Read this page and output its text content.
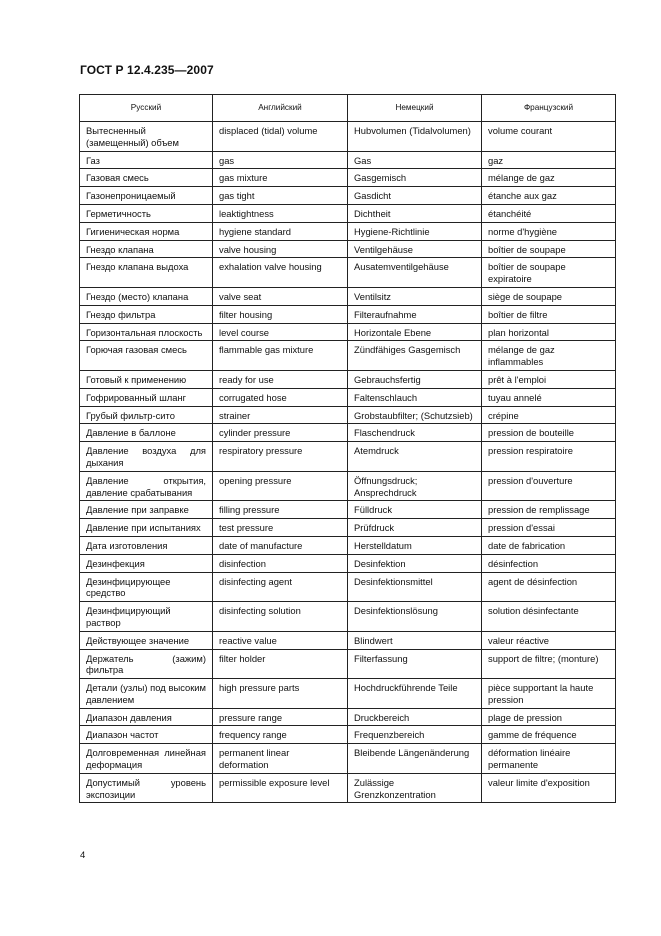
ГОСТ Р 12.4.235—2007
Русский	Английский	Немецкий	Французский
Вытесненный (замещенный) объем	displaced (tidal) volume	Hubvolumen (Tidalvolumen)	volume courant
Газ	gas	Gas	gaz
Газовая смесь	gas mixture	Gasgemisch	mélange de gaz
Газонепроницаемый	gas tight	Gasdicht	étanche aux gaz
Герметичность	leaktightness	Dichtheit	étanchéité
Гигиеническая норма	hygiene standard	Hygiene-Richtlinie	norme d'hygiène
Гнездо клапана	valve housing	Ventilgehäuse	boîtier de soupape
Гнездо клапана выдоха	exhalation valve housing	Ausatemventilgehäuse	boîtier de soupape expiratoire
Гнездо (место) клапана	valve seat	Ventilsitz	siège de soupape
Гнездо фильтра	filter housing	Filteraufnahme	boîtier de filtre
Горизонтальная плоскость	level course	Horizontale Ebene	plan horizontal
Горючая газовая смесь	flammable gas mixture	Zündfähiges Gasgemisch	mélange de gaz inflammables
Готовый к применению	ready for use	Gebrauchsfertig	prêt à l'emploi
Гофрированный шланг	corrugated hose	Faltenschlauch	tuyau annelé
Грубый фильтр-сито	strainer	Grobstaubfilter; (Schutzsieb)	crépine
Давление в баллоне	cylinder pressure	Flaschendruck	pression de bouteille
Давление воздуха для дыхания	respiratory pressure	Atemdruck	pression respiratoire
Давление открытия, давление срабатывания	opening pressure	Öffnungsdruck; Ansprechdruck	pression d'ouverture
Давление при заправке	filling pressure	Fülldruck	pression de remplissage
Давление при испытаниях	test pressure	Prüfdruck	pression d'essai
Дата изготовления	date of manufacture	Herstelldatum	date de fabrication
Дезинфекция	disinfection	Desinfektion	désinfection
Дезинфицирующее средство	disinfecting agent	Desinfektionsmittel	agent de désinfection
Дезинфицирующий раствор	disinfecting solution	Desinfektionslösung	solution désinfectante
Действующее значение	reactive value	Blindwert	valeur réactive
Держатель (зажим) фильтра	filter holder	Filterfassung	support de filtre; (monture)
Детали (узлы) под высоким давлением	high pressure parts	Hochdruckführende Teile	pièce supportant la haute pression
Диапазон давления	pressure range	Druckbereich	plage de pression
Диапазон частот	frequency range	Frequenzbereich	gamme de fréquence
Долговременная линейная деформация	permanent linear deformation	Bleibende Längenänderung	déformation linéaire permanente
Допустимый уровень экспозиции	permissible exposure level	Zulässige Grenzkonzentration	valeur limite d'exposition
4
